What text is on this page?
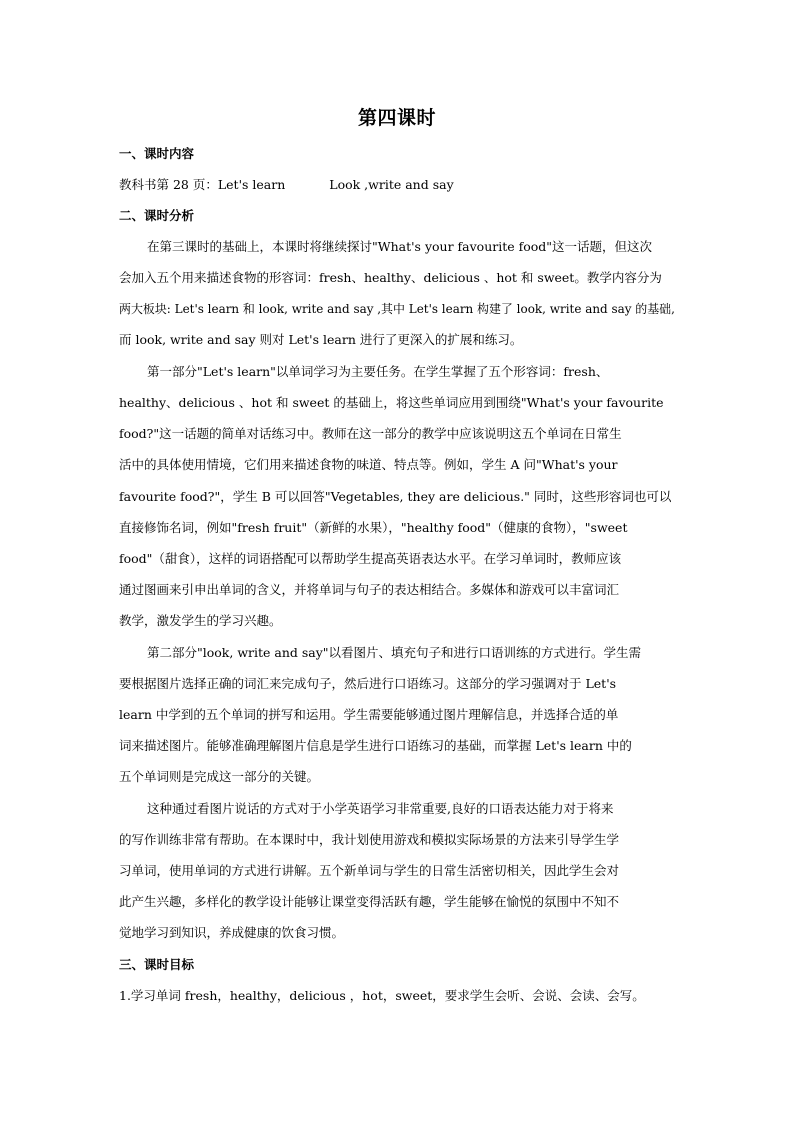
第四课时
一、课时内容
教科书第 28 页：Let's learn	Look ,write and say
二、课时分析
在第三课时的基础上，本课时将继续探讨"What's your favourite food"这一话题，但这次
会加入五个用来描述食物的形容词：fresh、healthy、delicious 、hot 和 sweet。教学内容分为
两大板块: Let's learn 和 look, write and say ,其中 Let's learn 构建了 look, write and say 的基础,
而 look, write and say 则对 Let's learn 进行了更深入的扩展和练习。
第一部分"Let's learn"以单词学习为主要任务。在学生掌握了五个形容词：fresh、
healthy、delicious 、hot 和 sweet 的基础上，将这些单词应用到围绕"What's your favourite
food?"这一话题的简单对话练习中。教师在这一部分的教学中应该说明这五个单词在日常生
活中的具体使用情境，它们用来描述食物的味道、特点等。例如，学生 A 问"What's your
favourite food?"，学生 B 可以回答"Vegetables, they are delicious." 同时，这些形容词也可以
直接修饰名词，例如"fresh fruit"（新鲜的水果），"healthy food"（健康的食物），"sweet
food"（甜食），这样的词语搭配可以帮助学生提高英语表达水平。在学习单词时，教师应该
通过图画来引申出单词的含义，并将单词与句子的表达相结合。多媒体和游戏可以丰富词汇
教学，激发学生的学习兴趣。
第二部分"look, write and say"以看图片、填充句子和进行口语训练的方式进行。学生需
要根据图片选择正确的词汇来完成句子，然后进行口语练习。这部分的学习强调对于 Let's
learn 中学到的五个单词的拼写和运用。学生需要能够通过图片理解信息，并选择合适的单
词来描述图片。能够准确理解图片信息是学生进行口语练习的基础，而掌握 Let's learn 中的
五个单词则是完成这一部分的关键。
这种通过看图片说话的方式对于小学英语学习非常重要,良好的口语表达能力对于将来
的写作训练非常有帮助。在本课时中，我计划使用游戏和模拟实际场景的方法来引导学生学
习单词，使用单词的方式进行讲解。五个新单词与学生的日常生活密切相关，因此学生会对
此产生兴趣，多样化的教学设计能够让课堂变得活跃有趣，学生能够在愉悦的氛围中不知不
觉地学习到知识，养成健康的饮食习惯。
三、课时目标
1.学习单词 fresh，healthy，delicious ，hot，sweet，要求学生会听、会说、会读、会写。
